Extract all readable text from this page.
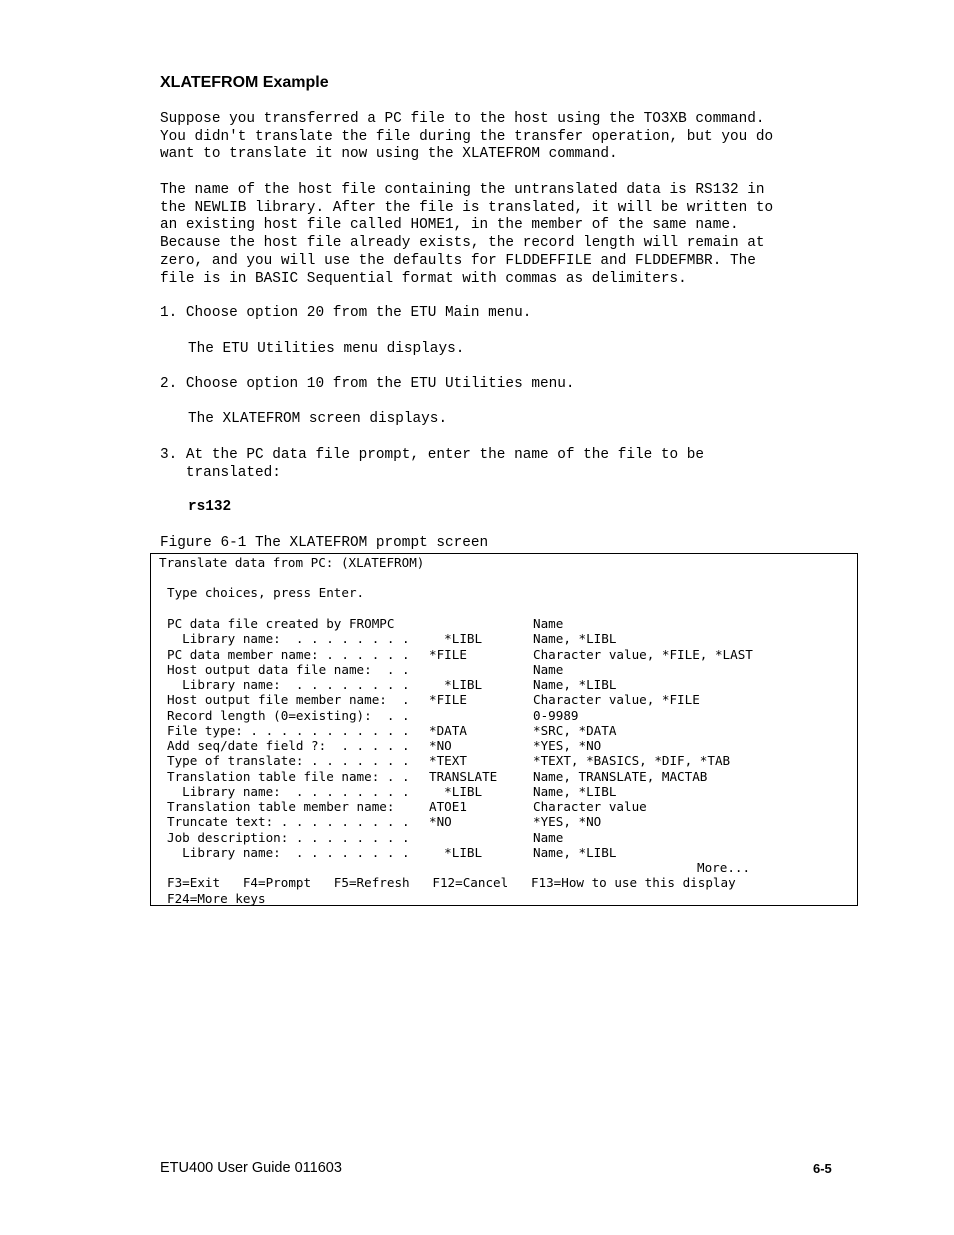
XLATEFROM Example

Suppose you transferred a PC file to the host using the TO3XB command.
You didn't translate the file during the transfer operation, but you do
want to translate it now using the XLATEFROM command.

The name of the host file containing the untranslated data is RS132 in
the NEWLIB library. After the file is translated, it will be written to
an existing host file called HOME1, in the member of the same name.
Because the host file already exists, the record length will remain at
zero, and you will use the defaults for FLDDEFFILE and FLDDEFMBR. The
file is in BASIC Sequential format with commas as delimiters.

1. Choose option 20 from the ETU Main menu.

The ETU Utilities menu displays.

2. Choose option 10 from the ETU Utilities menu.

The XLATEFROM screen displays.

3. At the PC data file prompt, enter the name of the file to be
translated:

rs132

Figure 6-1 The XLATEFROM prompt screen

Translate data from PC: (XLATEFROM)

Type choices, press Enter.

PC data file created by FROMPC	Name
Library name:  . . . . . . . . *LIBL	Name, *LIBL
PC data member name: . . . . . . *FILE	Character value, *FILE, *LAST
Host output data file name:  . .	Name
Library name:  . . . . . . . . *LIBL	Name, *LIBL
Host output file member name:  . *FILE	Character value, *FILE
Record length (0=existing):  . .	0-9989
File type: . . . . . . . . . . . *DATA	*SRC, *DATA
Add seq/date field ?:  . . . . . *NO	*YES, *NO
Type of translate: . . . . . . . *TEXT	*TEXT, *BASICS, *DIF, *TAB
Translation table file name: . . TRANSLATE	Name, TRANSLATE, MACTAB
Library name:  . . . . . . . . *LIBL	Name, *LIBL
Translation table member name:	ATOE1	Character value
Truncate text: . . . . . . . . . *NO	*YES, *NO
Job description: . . . . . . . .	Name
Library name:  . . . . . . . . *LIBL	Name, *LIBL

More...

F3=Exit   F4=Prompt   F5=Refresh   F12=Cancel   F13=How to use this display

F24=More keys

ETU400 User Guide 011603	6-5
